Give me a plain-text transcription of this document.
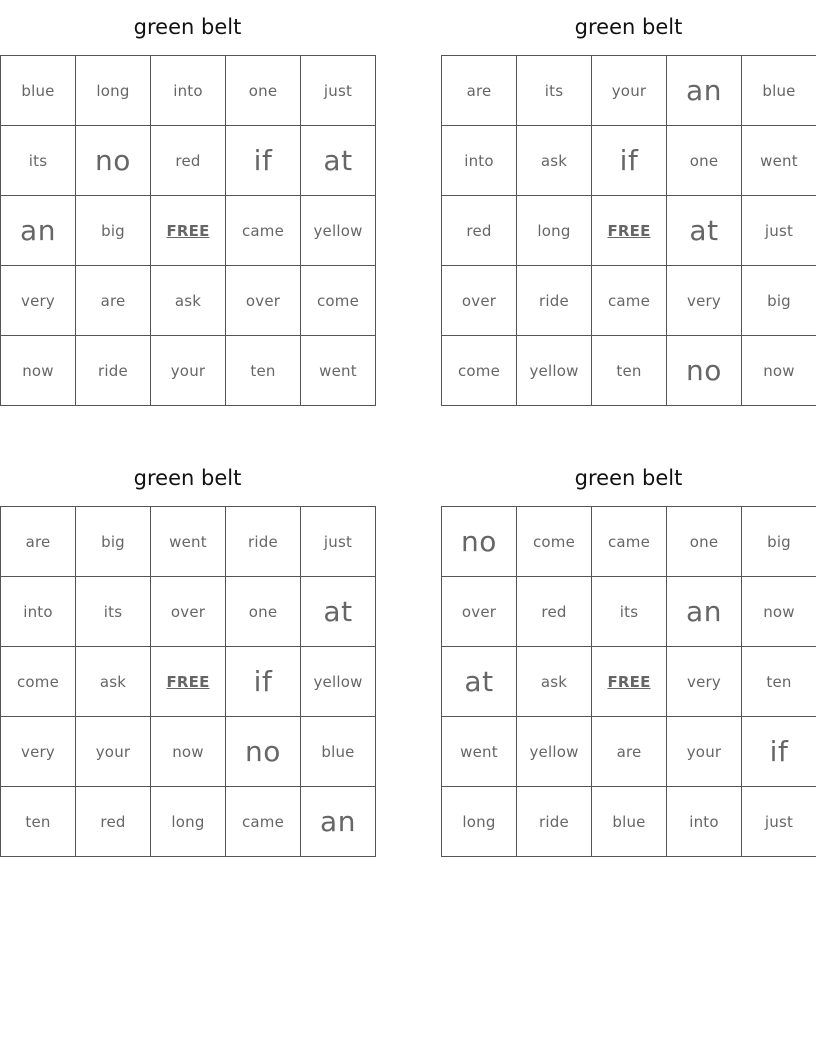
green belt
blue	long	into	one	just
its	no	red	if	at
an	big	FREE	came	yellow
very	are	ask	over	come
now	ride	your	ten	went
green belt
are	its	your	an	blue
into	ask	if	one	went
red	long	FREE	at	just
over	ride	came	very	big
come	yellow	ten	no	now
green belt
are	big	went	ride	just
into	its	over	one	at
come	ask	FREE	if	yellow
very	your	now	no	blue
ten	red	long	came	an
green belt
no	come	came	one	big
over	red	its	an	now
at	ask	FREE	very	ten
went	yellow	are	your	if
long	ride	blue	into	just
